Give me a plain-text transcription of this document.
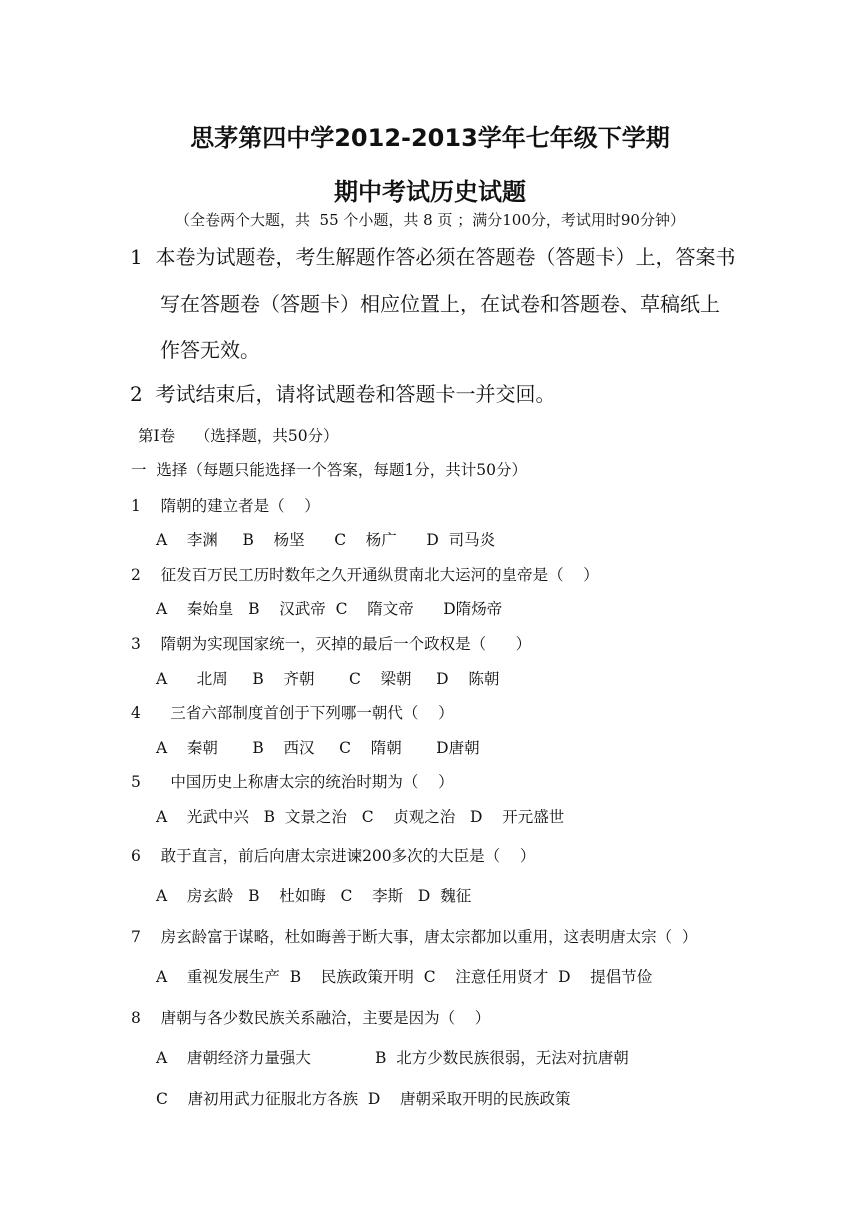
思茅第四中学2012-2013学年七年级下学期
期中考试历史试题
（全卷两个大题，共  55 个小题，共 8 页 ；满分100分，考试用时90分钟）
1  本卷为试题卷，考生解题作答必须在答题卷（答题卡）上，答案书
写在答题卷（答题卡）相应位置上，在试卷和答题卷、草稿纸上
作答无效。
2  考试结束后，请将试题卷和答题卡一并交回。
第Ⅰ卷    （选择题，共50分）
一  选择（每题只能选择一个答案，每题1分，共计50分）
1    隋朝的建立者是（    ）
A    李渊     B    杨坚      C    杨广      D  司马炎
2    征发百万民工历时数年之久开通纵贯南北大运河的皇帝是（    ）
A    秦始皇   B    汉武帝  C    隋文帝      D隋炀帝
3    隋朝为实现国家统一，灭掉的最后一个政权是（      ）
A      北周     B    齐朝       C    梁朝     D    陈朝
4      三省六部制度首创于下列哪一朝代（    ）
A    秦朝       B    西汉     C    隋朝       D唐朝
5      中国历史上称唐太宗的统治时期为（    ）
A    光武中兴   B  文景之治   C    贞观之治   D    开元盛世
6    敢于直言，前后向唐太宗进谏200多次的大臣是（    ）
A    房玄龄   B    杜如晦   C    李斯   D  魏征
7    房玄龄富于谋略，杜如晦善于断大事，唐太宗都加以重用，这表明唐太宗（  ）
A    重视发展生产  B    民族政策开明  C    注意任用贤才  D    提倡节俭
8    唐朝与各少数民族关系融洽，主要是因为（    ）
A    唐朝经济力量强大             B  北方少数民族很弱，无法对抗唐朝
C    唐初用武力征服北方各族  D    唐朝采取开明的民族政策
